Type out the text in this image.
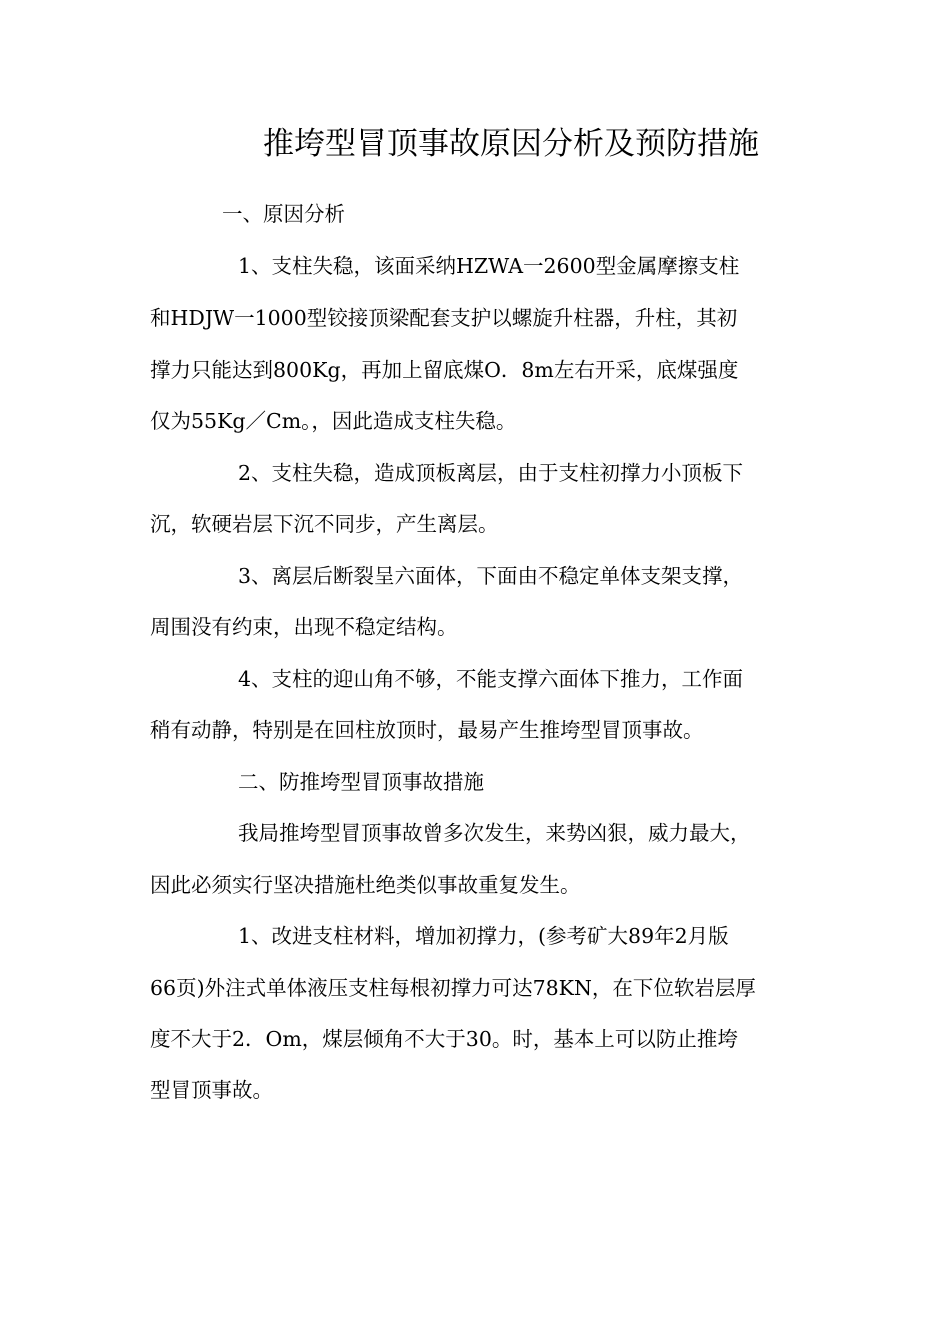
推垮型冒顶事故原因分析及预防措施

一、原因分析

1、支柱失稳，该面采纳HZWA一2600型金属摩擦支柱

和HDJW一1000型铰接顶梁配套支护以螺旋升柱器，升柱，其初

撑力只能达到800Kg，再加上留底煤O．8m左右开采，底煤强度

仅为55Kg／Cm。，因此造成支柱失稳。

2、支柱失稳，造成顶板离层，由于支柱初撑力小顶板下

沉，软硬岩层下沉不同步，产生离层。

3、离层后断裂呈六面体，下面由不稳定单体支架支撑，

周围没有约束，出现不稳定结构。

4、支柱的迎山角不够，不能支撑六面体下推力，工作面

稍有动静，特别是在回柱放顶时，最易产生推垮型冒顶事故。

二、防推垮型冒顶事故措施

我局推垮型冒顶事故曾多次发生，来势凶狠，威力最大，

因此必须实行坚决措施杜绝类似事故重复发生。

1、改进支柱材料，增加初撑力，(参考矿大89年2月版

66页)外注式单体液压支柱每根初撑力可达78KN，在下位软岩层厚

度不大于2．Om，煤层倾角不大于30。时，基本上可以防止推垮

型冒顶事故。
